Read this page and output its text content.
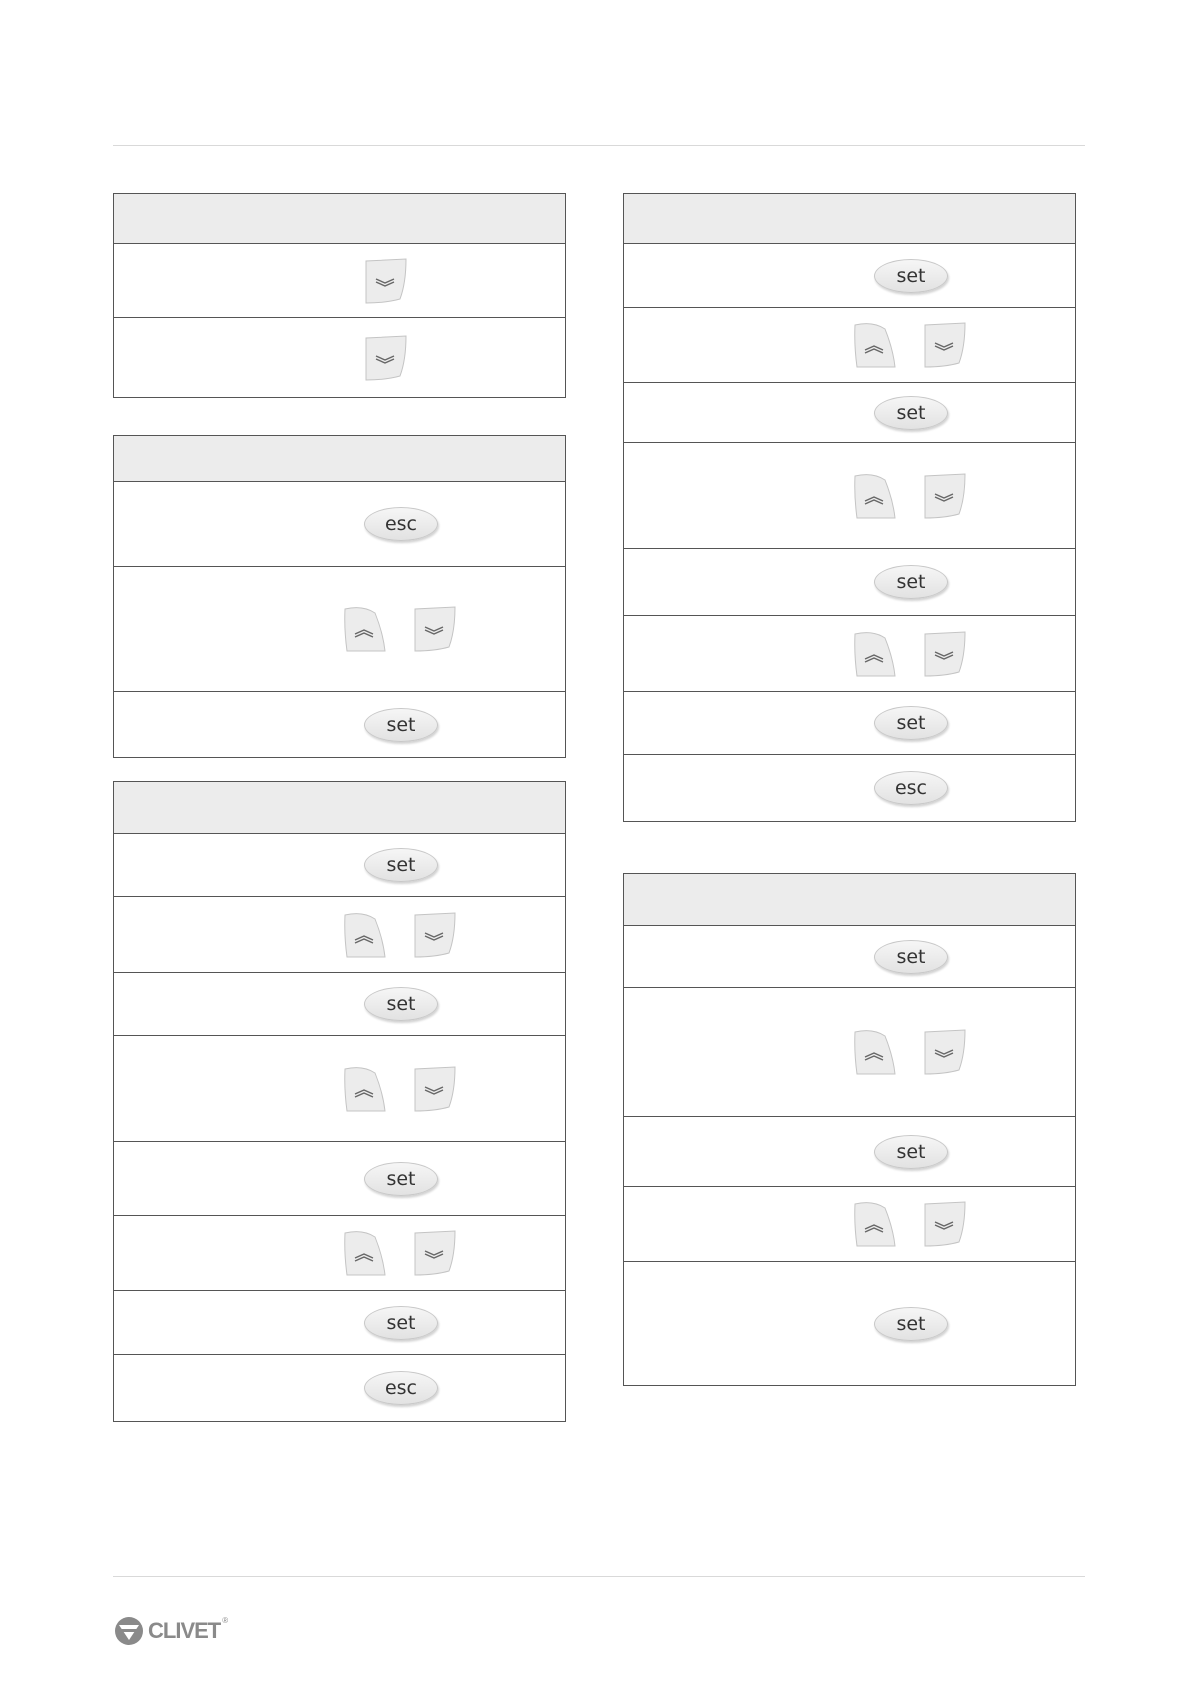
esc
set
set
set
set
set
esc
set
set
set
set
esc
set
set
set
CLIVET ®
